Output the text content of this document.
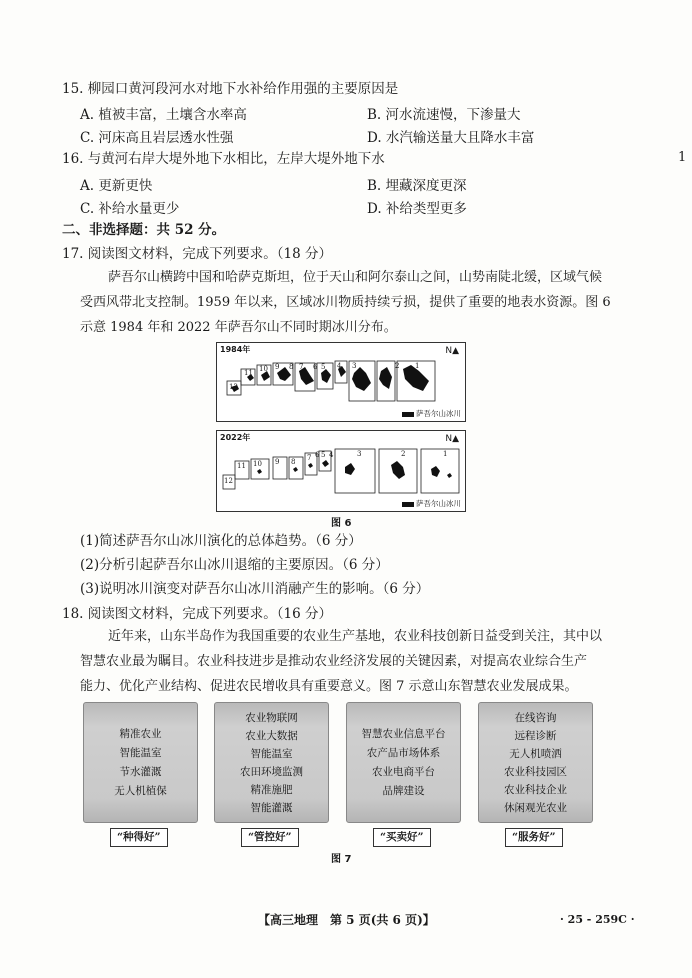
15. 柳园口黄河段河水对地下水补给作用强的主要原因是
A. 植被丰富，土壤含水率高	B. 河水流速慢，下渗量大
C. 河床高且岩层透水性强	D. 水汽输送量大且降水丰富
16. 与黄河右岸大堤外地下水相比，左岸大堤外地下水	1
A. 更新更快	B. 埋藏深度更深
C. 补给水量更少	D. 补给类型更多
二、非选择题：共 52 分。
17. 阅读图文材料，完成下列要求。（18 分）
萨吾尔山横跨中国和哈萨克斯坦，位于天山和阿尔泰山之间，山势南陡北缓，区域气候
受西风带北支控制。1959 年以来，区域冰川物质持续亏损，提供了重要的地表水资源。图 6
示意 1984 年和 2022 年萨吾尔山不同时期冰川分布。
1984年	N▲
12
11 10 9 8 7 6 5 4 3	2 1
萨吾尔山冰川
2022年	N▲
12
11 10 9 8 7 6 5 4	3	2	1
萨吾尔山冰川
图 6
(1)简述萨吾尔山冰川演化的总体趋势。（6 分）
(2)分析引起萨吾尔山冰川退缩的主要原因。（6 分）
(3)说明冰川演变对萨吾尔山冰川消融产生的影响。（6 分）
18. 阅读图文材料，完成下列要求。（16 分）
近年来，山东半岛作为我国重要的农业生产基地，农业科技创新日益受到关注，其中以
智慧农业最为瞩目。农业科技进步是推动农业经济发展的关键因素，对提高农业综合生产
能力、优化产业结构、促进农民增收具有重要意义。图 7 示意山东智慧农业发展成果。
精准农业
智能温室
节水灌溉
无人机植保
农业物联网
农业大数据
智能温室
农田环境监测
精准施肥
智能灌溉
智慧农业信息平台
农产品市场体系
农业电商平台
品牌建设
在线咨询
远程诊断
无人机喷洒
农业科技园区
农业科技企业
休闲观光农业
“种得好”	“管控好”	“买卖好”	“服务好”
图 7
【高三地理　第 5 页(共 6 页)】	· 25 - 259C ·
